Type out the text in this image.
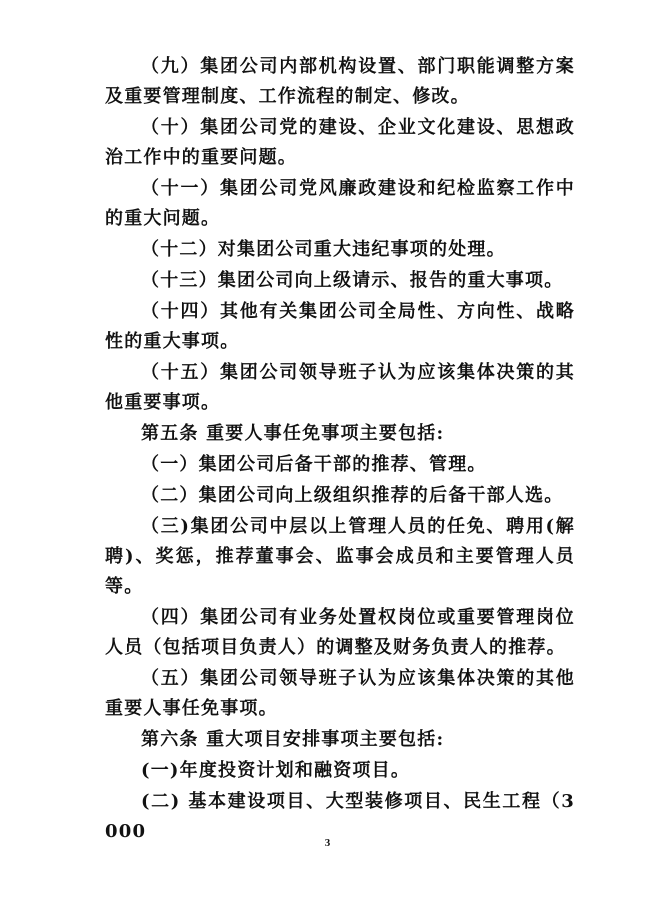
（九）集团公司内部机构设置、部门职能调整方案及重要管理制度、工作流程的制定、修改。

（十）集团公司党的建设、企业文化建设、思想政治工作中的重要问题。

（十一）集团公司党风廉政建设和纪检监察工作中的重大问题。

（十二）对集团公司重大违纪事项的处理。

（十三）集团公司向上级请示、报告的重大事项。

（十四）其他有关集团公司全局性、方向性、战略性的重大事项。

（十五）集团公司领导班子认为应该集体决策的其他重要事项。

第五条 重要人事任免事项主要包括:

（一）集团公司后备干部的推荐、管理。

（二）集团公司向上级组织推荐的后备干部人选。

（三)集团公司中层以上管理人员的任免、聘用(解聘)、奖惩，推荐董事会、监事会成员和主要管理人员等。

（四）集团公司有业务处置权岗位或重要管理岗位人员（包括项目负责人）的调整及财务负责人的推荐。

（五）集团公司领导班子认为应该集体决策的其他重要人事任免事项。

第六条 重大项目安排事项主要包括:

(一)年度投资计划和融资项目。

(二) 基本建设项目、大型装修项目、民生工程（3000

3
